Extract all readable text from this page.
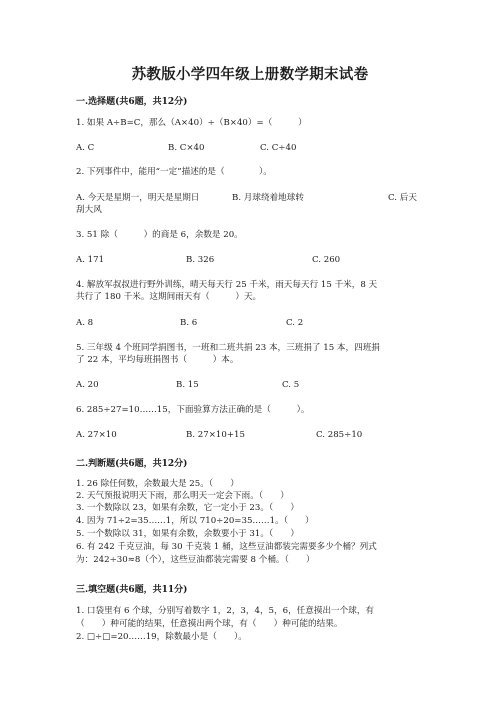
苏教版小学四年级上册数学期末试卷
一.选择题(共6题，共12分)
1. 如果 A÷B=C，那么（A×40）÷（B×40）=（　　　）
A. C	B. C×40	C. C÷40
2. 下列事件中，能用“一定”描述的是（　　　　）。
A. 今天是星期一，明天是星期日	B. 月球绕着地球转	C. 后天
刮大风
3. 51 除（　　　）的商是 6，余数是 20。
A. 171	B. 326	C. 260
4. 解放军叔叔进行野外训练，晴天每天行 25 千米，雨天每天行 15 千米，8 天
共行了 180 千米。这期间雨天有（　　　）天。
A. 8	B. 6	C. 2
5. 三年级 4 个班同学捐图书，一班和二班共捐 23 本，三班捐了 15 本，四班捐
了 22 本，平均每班捐图书（　　　）本。
A. 20	B. 15	C. 5
6. 285÷27=10……15，下面验算方法正确的是（　　　）。
A. 27×10	B. 27×10+15	C. 285÷10
二.判断题(共6题，共12分)
1. 26 除任何数，余数最大是 25。（　　）
2. 天气预报说明天下雨，那么明天一定会下雨。（　　）
3. 一个数除以 23，如果有余数，它一定小于 23。（　　）
4. 因为 71÷2=35……1，所以 710÷20=35……1。（　　）
5. 一个数除以 31，如果有余数，余数要小于 31。（　　）
6. 有 242 千克豆油，每 30 千克装 1 桶，这些豆油都装完需要多少个桶？列式
为：242÷30≈8（个），这些豆油都装完需要 8 个桶。（　　）
三.填空题(共6题，共11分)
1. 口袋里有 6 个球，分别写着数字 1，2，3，4，5，6，任意摸出一个球，有
（　　）种可能的结果，任意摸出两个球，有（　　）种可能的结果。
2. □÷□=20……19，除数最小是（　　）。
